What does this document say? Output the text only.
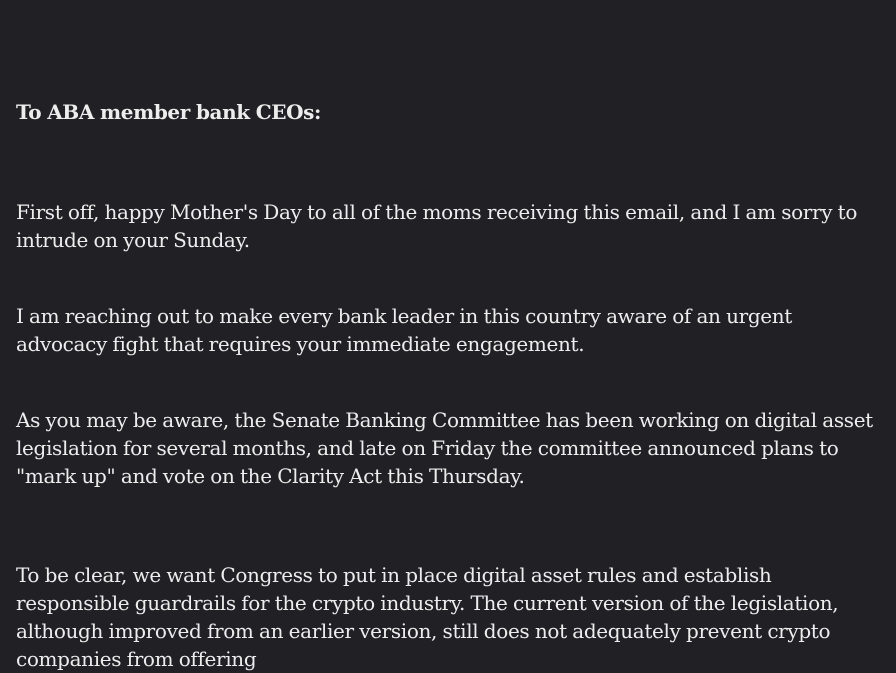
To ABA member bank CEOs:

First off, happy Mother's Day to all of the moms receiving this email, and I am sorry to intrude on your Sunday.

I am reaching out to make every bank leader in this country aware of an urgent advocacy fight that requires your immediate engagement.

As you may be aware, the Senate Banking Committee has been working on digital asset legislation for several months, and late on Friday the committee announced plans to "mark up" and vote on the Clarity Act this Thursday.

To be clear, we want Congress to put in place digital asset rules and establish responsible guardrails for the crypto industry. The current version of the legislation, although improved from an earlier version, still does not adequately prevent crypto companies from offering
